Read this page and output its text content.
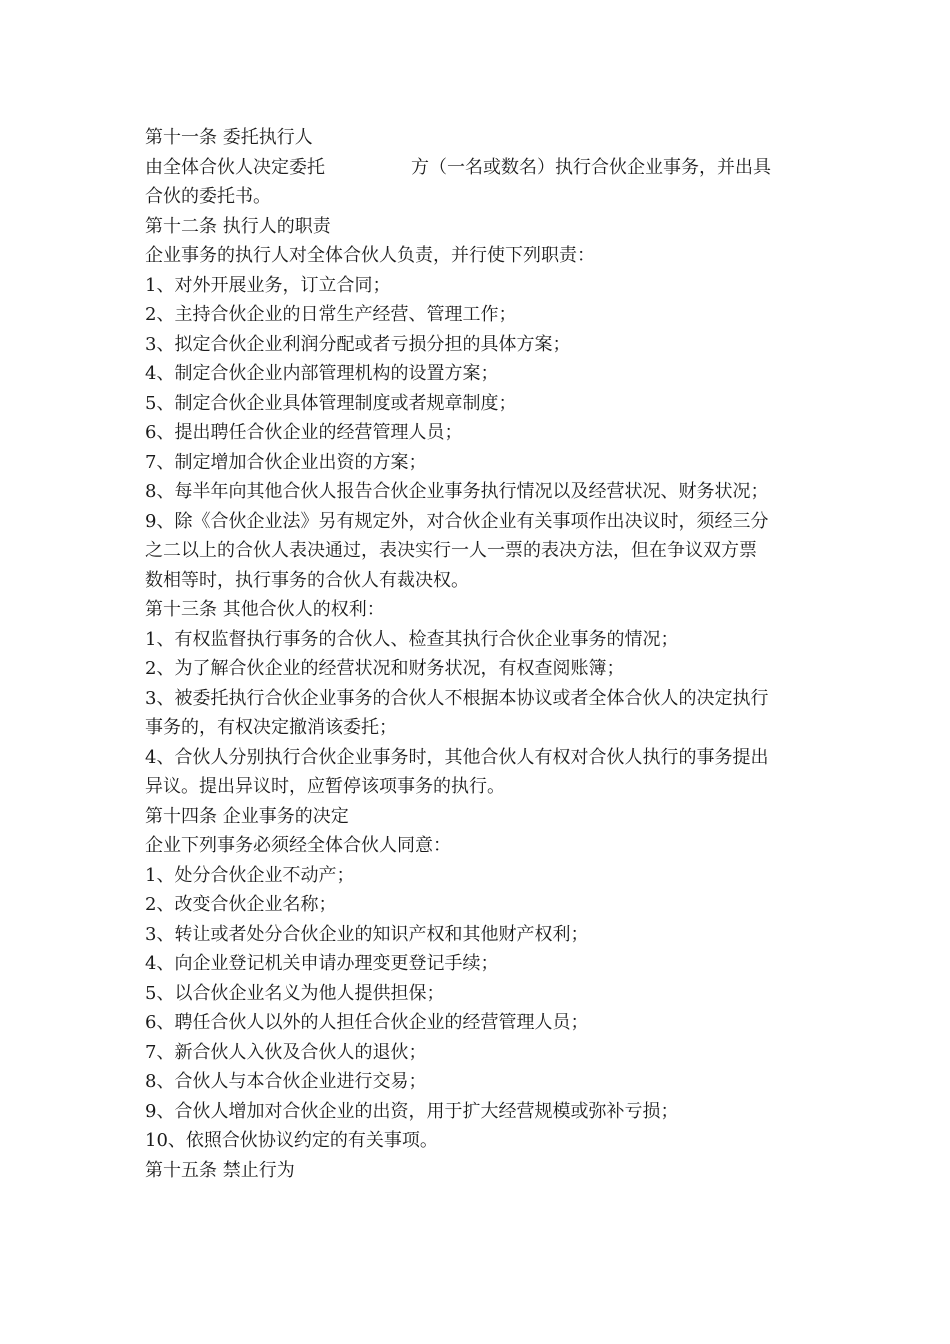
第十一条 委托执行人
由全体合伙人决定委托	方（一名或数名）执行合伙企业事务，并出具
合伙的委托书。
第十二条 执行人的职责
企业事务的执行人对全体合伙人负责，并行使下列职责：
1、对外开展业务，订立合同；
2、主持合伙企业的日常生产经营、管理工作；
3、拟定合伙企业利润分配或者亏损分担的具体方案；
4、制定合伙企业内部管理机构的设置方案；
5、制定合伙企业具体管理制度或者规章制度；
6、提出聘任合伙企业的经营管理人员；
7、制定增加合伙企业出资的方案；
8、每半年向其他合伙人报告合伙企业事务执行情况以及经营状况、财务状况；
9、除《合伙企业法》另有规定外，对合伙企业有关事项作出决议时，须经三分
之二以上的合伙人表决通过，表决实行一人一票的表决方法，但在争议双方票
数相等时，执行事务的合伙人有裁决权。
第十三条 其他合伙人的权利：
1、有权监督执行事务的合伙人、检查其执行合伙企业事务的情况；
2、为了解合伙企业的经营状况和财务状况，有权查阅账簿；
3、被委托执行合伙企业事务的合伙人不根据本协议或者全体合伙人的决定执行
事务的，有权决定撤消该委托；
4、合伙人分别执行合伙企业事务时，其他合伙人有权对合伙人执行的事务提出
异议。提出异议时，应暂停该项事务的执行。
第十四条 企业事务的决定
企业下列事务必须经全体合伙人同意：
1、处分合伙企业不动产；
2、改变合伙企业名称；
3、转让或者处分合伙企业的知识产权和其他财产权利；
4、向企业登记机关申请办理变更登记手续；
5、以合伙企业名义为他人提供担保；
6、聘任合伙人以外的人担任合伙企业的经营管理人员；
7、新合伙人入伙及合伙人的退伙；
8、合伙人与本合伙企业进行交易；
9、合伙人增加对合伙企业的出资，用于扩大经营规模或弥补亏损；
10、依照合伙协议约定的有关事项。
第十五条 禁止行为
